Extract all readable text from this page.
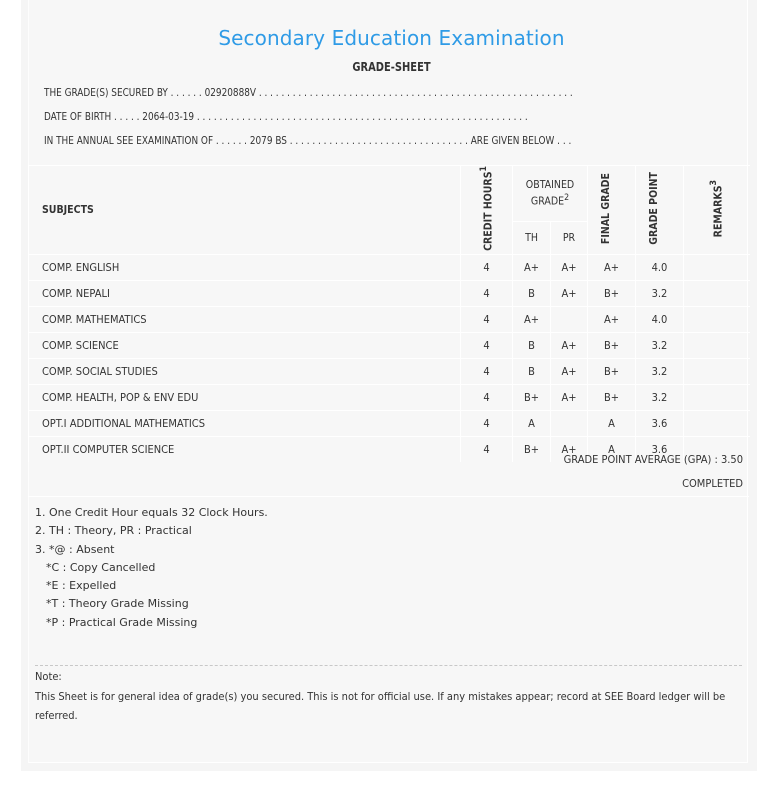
Secondary Education Examination
GRADE-SHEET
THE GRADE(S) SECURED BY . . . . . . 02920888V . . . . . . . . . . . . . . . . . . . . . . . . . . . . . . . . . . . . . . . . . . . . . . . . . . . . . . . .
DATE OF BIRTH . . . . . 2064-03-19 . . . . . . . . . . . . . . . . . . . . . . . . . . . . . . . . . . . . . . . . . . . . . . . . . . . . . . . . . . .
IN THE ANNUAL SEE EXAMINATION OF . . . . . . 2079 BS . . . . . . . . . . . . . . . . . . . . . . . . . . . . . . . . ARE GIVEN BELOW . . .
SUBJECTS	CREDIT HOURS$^1$	OBTAINED GRADE$^2$		FINAL GRADE	GRADE POINT	REMARKS$^3$
		TH	PR			
COMP. ENGLISH	4	A+	A+	A+	4.0	
COMP. NEPALI	4	B	A+	B+	3.2	
COMP. MATHEMATICS	4	A+		A+	4.0	
COMP. SCIENCE	4	B	A+	B+	3.2	
COMP. SOCIAL STUDIES	4	B	A+	B+	3.2	
COMP. HEALTH, POP & ENV EDU	4	B+	A+	B+	3.2	
OPT.I ADDITIONAL MATHEMATICS	4	A		A	3.6	
OPT.II COMPUTER SCIENCE	4	B+	A+	A	3.6	
GRADE POINT AVERAGE (GPA) : 3.50
COMPLETED
1. One Credit Hour equals 32 Clock Hours.
2. TH : Theory, PR : Practical
3. *@ : Absent
*C : Copy Cancelled
*E : Expelled
*T : Theory Grade Missing
*P : Practical Grade Missing
Note:
This Sheet is for general idea of grade(s) you secured. This is not for official use. If any mistakes appear; record at SEE Board ledger will be referred.
